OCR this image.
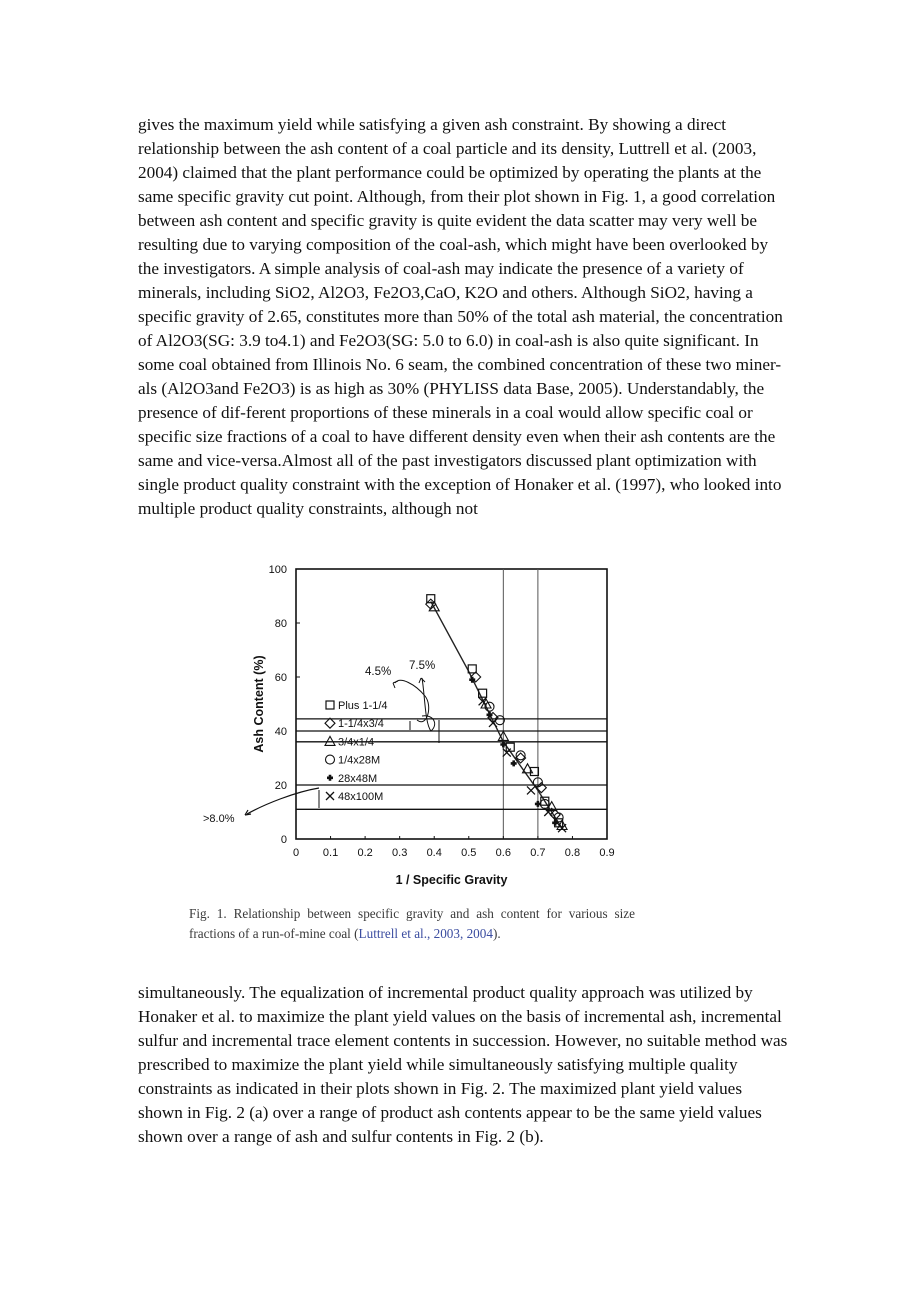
gives the maximum yield while satisfying a given ash constraint. By showing a direct relationship between the ash content of a coal particle and its density, Luttrell et al. (2003, 2004) claimed that the plant performance could be optimized by operating the plants at the same specific gravity cut point. Although, from their plot shown in Fig. 1, a good correlation between ash content and specific gravity is quite evident the data scatter may very well be resulting due to varying composition of the coal-ash, which might have been overlooked by the investigators. A simple analysis of coal-ash may indicate the presence of a variety of minerals, including SiO2, Al2O3, Fe2O3,CaO, K2O and others. Although SiO2, having a specific gravity of 2.65, constitutes more than 50% of the total ash material, the concentration of Al2O3(SG: 3.9 to4.1) and Fe2O3(SG: 5.0 to 6.0) in coal-ash is also quite significant. In some coal obtained from Illinois No. 6 seam, the combined concentration of these two miner-als (Al2O3and Fe2O3) is as high as 30% (PHYLISS data Base, 2005). Understandably, the presence of dif-ferent proportions of these minerals in a coal would allow specific coal or specific size fractions of a coal to have different density even when their ash contents are the same and vice-versa.Almost all of the past investigators discussed plant optimization with single product quality constraint with the exception of Honaker et al. (1997), who looked into multiple product quality constraints, although not

0 0.1 0.2 0.3 0.4 0.5 0.6 0.7 0.8 0.9
0
20
40
60
80
100
1 / Specific Gravity
Ash Content (%)	Plus 1-1/4
1-1/4x3/4
3/4x1/4
1/4x28M
28x48M
48x100M
4.5% 7.5%
>8.0%

Fig. 1. Relationship between specific gravity and ash content for various size fractions of a run-of-mine coal (Luttrell et al., 2003, 2004).

simultaneously. The equalization of incremental product quality approach was utilized by Honaker et al. to maximize the plant yield values on the basis of incremental ash, incremental sulfur and incremental trace element contents in succession. However, no suitable method was prescribed to maximize the plant yield while simultaneously satisfying multiple quality constraints as indicated in their plots shown in Fig. 2. The maximized plant yield values shown in Fig. 2 (a) over a range of product ash contents appear to be the same yield values shown over a range of ash and sulfur contents in Fig. 2 (b).
